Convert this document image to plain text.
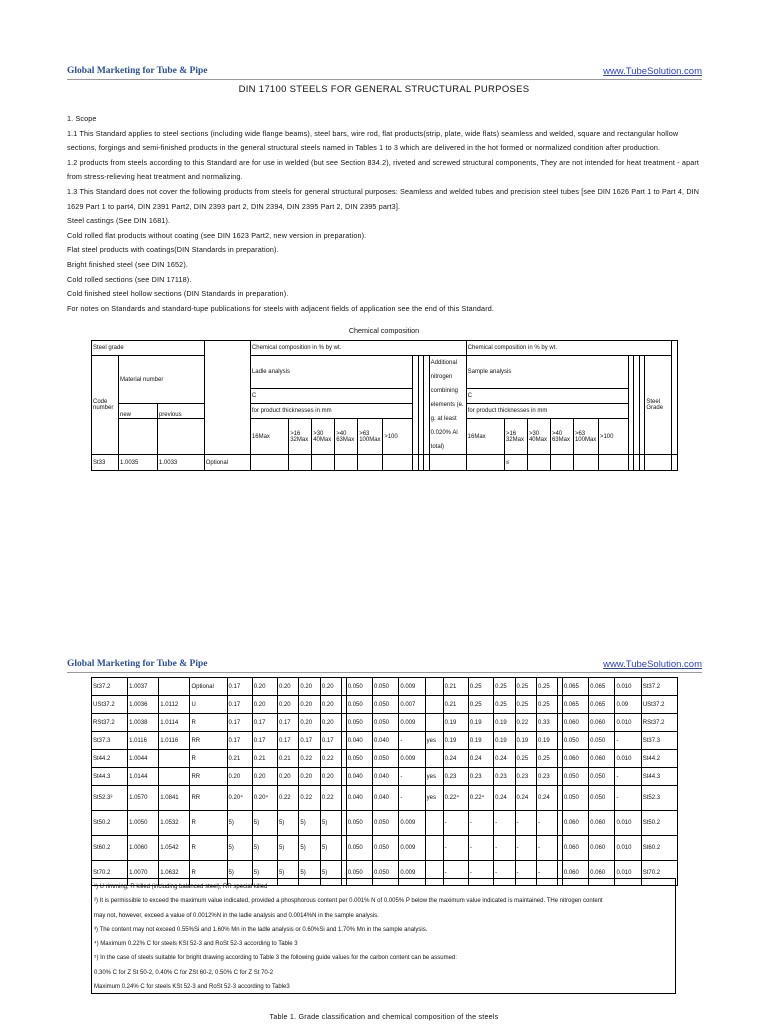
Global Marketing for Tube & Pipe	www.TubeSolution.com
DIN 17100 STEELS FOR GENERAL STRUCTURAL PURPOSES

1. Scope

1.1 This Standard applies to steel sections (including wide flange beams), steel bars, wire rod, flat products(strip, plate, wide flats) seamless and welded, square and rectangular hollow sections, forgings and semi-finished products in the general structural steels named in Tables 1 to 3 which are delivered in the hot formed or normalized condition after production.

1.2 products from steels according to this Standard are for use in welded (but see Section 834.2), riveted and screwed structural components, They are not intended for heat treatment - apart from stress-relieving heat treatment and normalizing.

1.3 This Standard does not cover the following products from steels for general structural purposes: Seamless and welded tubes and precision steel tubes [see DIN 1626 Part 1 to Part 4, DIN 1629 Part 1 to part4, DIN 2391 Part2, DIN 2393 part 2, DIN 2394, DIN 2395 Part 2, DIN 2395 part3].

Steel castings (See DIN 1681).

Cold rolled flat products without coating (see DIN 1623 Part2, new version in preparation).

Flat steel products with coatings(DIN Standards in preparation).

Bright finished steel (see DIN 1652).

Cold rolled sections (see DIN 17118).

Cold finished steel hollow sections (DIN Standards in preparation).

For notes on Standards and standard-tupe publications for steels with adjacent fields of application see the end of this Standard.

Chemical composition
Steel grade				Chemical composition in % by wt.										Chemical composition in % by wt.										
Code number	Material number			Ladle analysis									Additional nitrogen combining elements (e. g. at least 0.020% Al total)	Sample analysis									Steel Grade	
				C										C										
	new	previous		for product thicknesses in mm										for product thicknesses in mm										
				16Max	>16 32Max	>30 40Max	>40 63Max	>63 100Max	>100					16Max	>16 32Max	>30 40Max	>40 63Max	>63 100Max	>100					
St33	1.0035	1.0033	Optional												≤									
Global Marketing for Tube & Pipe	www.TubeSolution.com
St37.2	1.0037		Optional	0.17	0.20	0.20	0.20	0.20		0.050	0.050	0.009		0.21	0.25	0.25	0.25	0.25		0.065	0.065	0.010	St37.2
USt37.2	1.0036	1.0112	U	0.17	0.20	0.20	0.20	0.20		0.050	0.050	0.007		0.21	0.25	0.25	0.25	0.25		0.065	0.065	0.09	USt37.2
RSt37.2	1.0038	1.0114	R	0.17	0.17	0.17	0.20	0.20		0.050	0.050	0.009		0.19	0.19	0.19	0.22	0.33		0.060	0.060	0.010	RSt37.2
St37.3	1.0116	1.0116	RR	0.17	0.17	0.17	0.17	0.17		0.040	0.040	-	yes	0.19	0.19	0.19	0.19	0.19		0.050	0.050	-	St37.3
St44.2	1.0044		R	0.21	0.21	0.21	0.22	0.22		0.050	0.050	0.009		0.24	0.24	0.24	0.25	0.25		0.060	0.060	0.010	St44.2
St44.3	1.0144		RR	0.20	0.20	0.20	0.20	0.20		0.040	0.040	-	yes	0.23	0.23	0.23	0.23	0.23		0.050	0.050	-	St44.3
St52.3³	1.0570	1.0841	RR	0.20⁴	0.20⁴	0.22	0.22	0.22		0.040	0.040	-	yes	0.22⁴	0.22⁴	0.24	0.24	0.24		0.050	0.050	-	St52.3
St50.2	1.0050	1.0532	R	5)	5)	5)	5)	5)		0.050	0.050	0.009		-	-	-	-	-		0.060	0.060	0.010	St50.2
St60.2	1.0060	1.0542	R	5)	5)	5)	5)	5)		0.050	0.050	0.009		-	-	-	-	-		0.060	0.060	0.010	St60.2
St70.2	1.0070	1.0632	R	5)	5)	5)	5)	5)		0.050	0.050	0.009		-	-	-	-	-		0.060	0.060	0.010	St70.2

¹) U rimming, R killed (including balanced steel), RR special killed

²) It is permissible to exceed the maximum value indicated, provided a phosphorous content per 0.001% N of 0.005% P below the maximum value indicated is maintained. THe nitrogen content

may not, however, exceed a value of 0.0012%N in the ladle analysis and 0.0014%N in the sample analysis.

³) The content may not exceed 0.55%Si and 1.60% Mn in the ladle analysis or 0.60%Si and 1.70% Mn in the sample analysis.

⁴) Maximum 0.22% C for steels KSt 52-3 and RoSt 52-3 according to Table 3

⁵) In the case of steels suitable for bright drawing according to Table 3 the following guide values for the carbon content can be assumed:

0.30% C for Z St 50-2, 0.40% C for ZSt 60-2, 0.50% C for Z St 70-2

Maximum 0.24% C for steels KSt 52-3 and RoSt 52-3 according to Table3

Table 1. Grade classification and chemical composition of the steels
